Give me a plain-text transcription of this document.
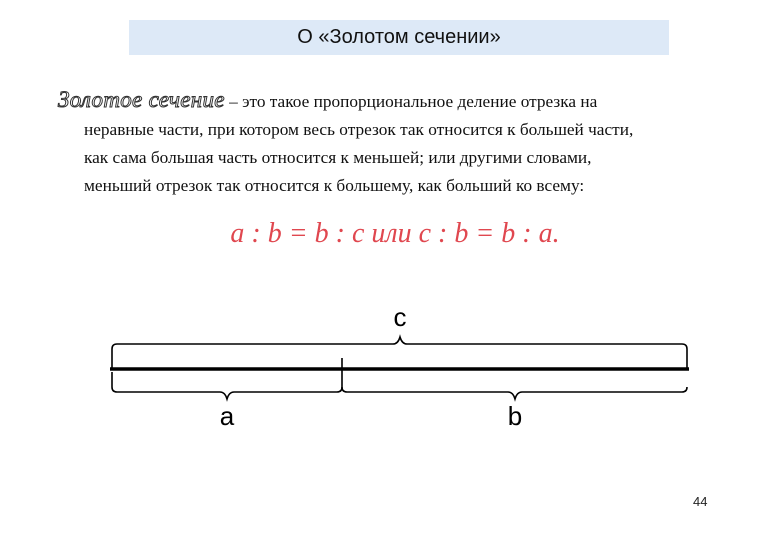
О «Золотом сечении»
Золотое сечение – это такое пропорциональное деление отрезка на
неравные части, при котором весь отрезок так относится к большей части,
как сама большая часть относится к меньшей; или другими словами,
меньший отрезок так относится к большему, как больший ко всему:
a : b = b : c или c : b = b : a.
c
a	b
44
